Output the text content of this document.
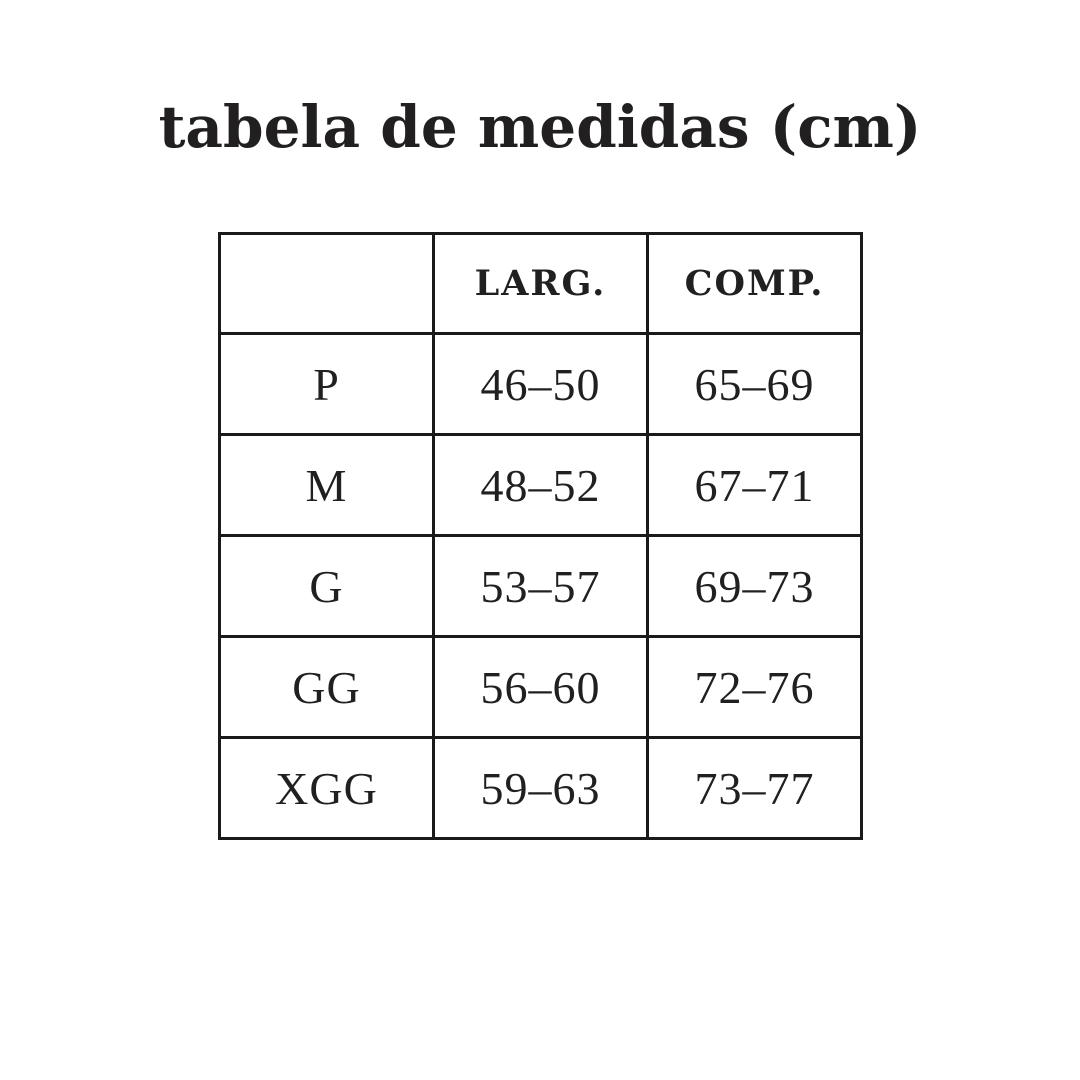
tabela de medidas (cm)
	LARG.	COMP.
P	46–50	65–69
M	48–52	67–71
G	53–57	69–73
GG	56–60	72–76
XGG	59–63	73–77
